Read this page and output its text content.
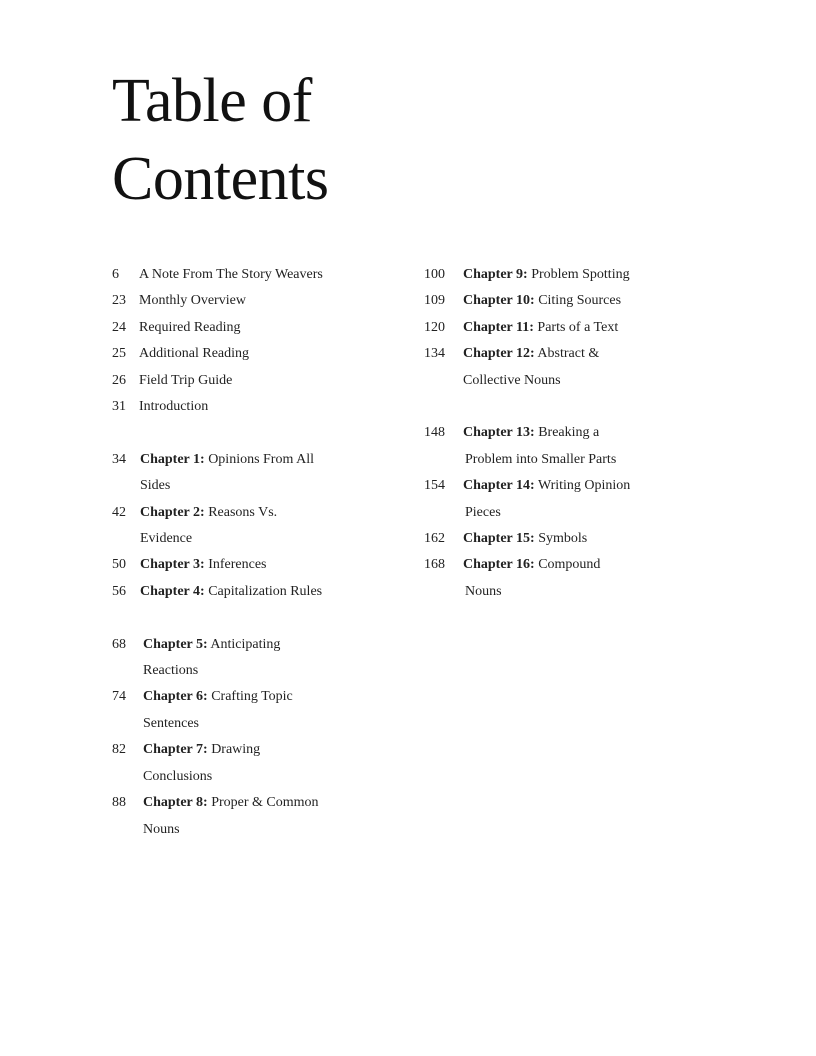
Table of
Contents
6	A Note From The Story Weavers
23 Monthly Overview
24 Required Reading
25 Additional Reading
26 Field Trip Guide
31 Introduction
34	Chapter 1: Opinions From All
Sides
42	Chapter 2: Reasons Vs.
Evidence
50	Chapter 3: Inferences
56	Chapter 4: Capitalization Rules
68	Chapter 5: Anticipating
Reactions
74	Chapter 6: Crafting Topic
Sentences
82	Chapter 7: Drawing
Conclusions
88	Chapter 8: Proper & Common
Nouns
100	Chapter 9: Problem Spotting
109	Chapter 10: Citing Sources
120	Chapter 11: Parts of a Text
134	Chapter 12: Abstract &
Collective Nouns
148	Chapter 13: Breaking a
Problem into Smaller Parts
154	Chapter 14: Writing Opinion
Pieces
162	Chapter 15: Symbols
168	Chapter 16: Compound
Nouns
